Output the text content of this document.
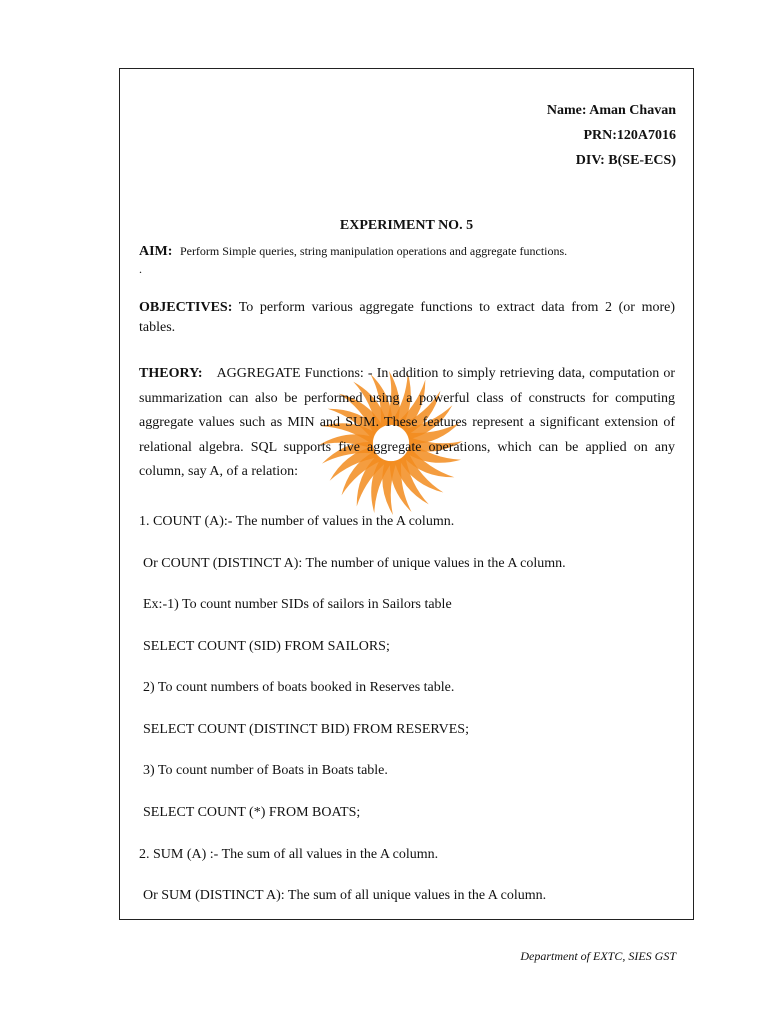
Name: Aman Chavan
PRN:120A7016
DIV: B(SE-ECS)
EXPERIMENT NO. 5
AIM: Perform Simple queries, string manipulation operations and aggregate functions.
.
OBJECTIVES: To perform various aggregate functions to extract data from 2 (or more) tables.
THEORY: AGGREGATE Functions: - In addition to simply retrieving data, computation or summarization can also be performed using a powerful class of constructs for computing aggregate values such as MIN and SUM. These features represent a significant extension of relational algebra. SQL supports five aggregate operations, which can be applied on any column, say A, of a relation:
1. COUNT (A):- The number of values in the A column.
Or COUNT (DISTINCT A): The number of unique values in the A column.
Ex:-1) To count number SIDs of sailors in Sailors table
SELECT COUNT (SID) FROM SAILORS;
2) To count numbers of boats booked in Reserves table.
SELECT COUNT (DISTINCT BID) FROM RESERVES;
3) To count number of Boats in Boats table.
SELECT COUNT (*) FROM BOATS;
2. SUM (A) :- The sum of all values in the A column.
Or SUM (DISTINCT A): The sum of all unique values in the A column.
Department of EXTC, SIES GST
